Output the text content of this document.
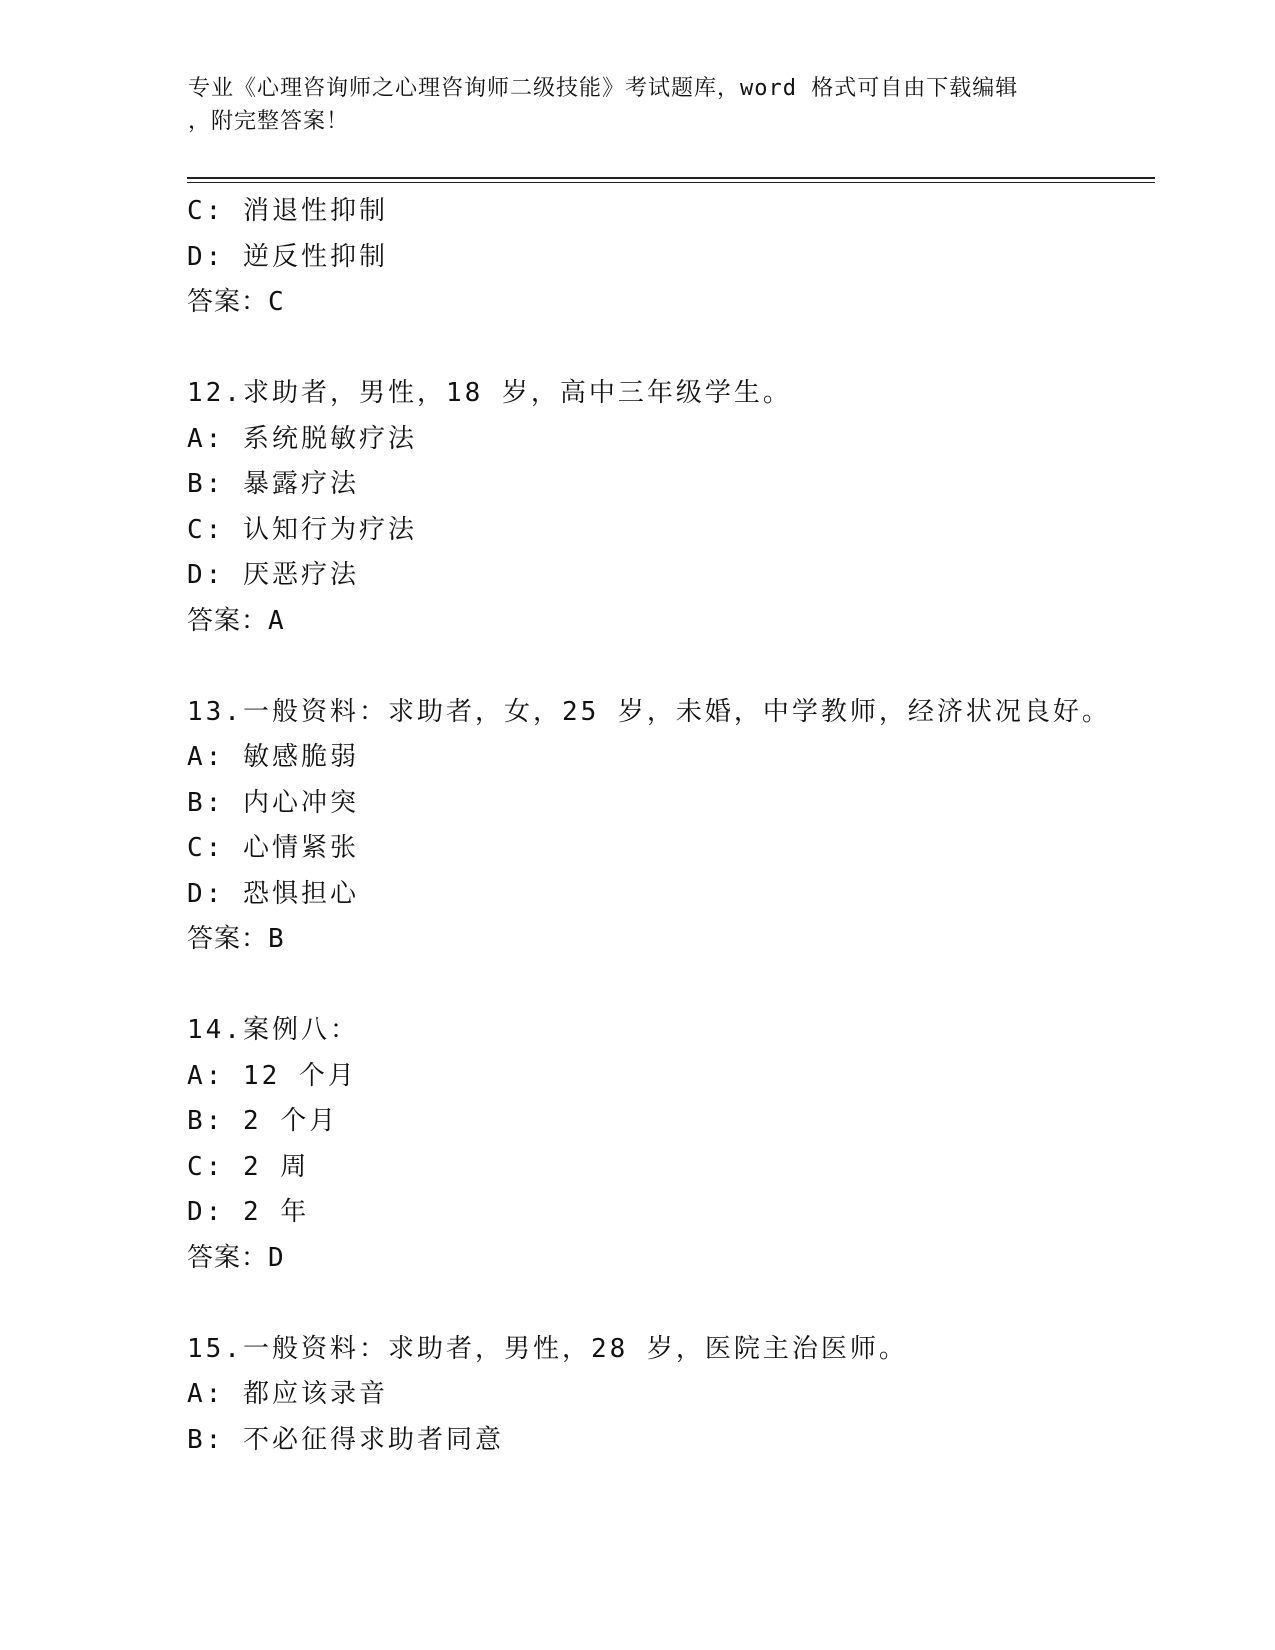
专业《心理咨询师之心理咨询师二级技能》考试题库，word 格式可自由下载编辑
，附完整答案！
C: 消退性抑制
D: 逆反性抑制
答案：C
12.求助者，男性，18 岁，高中三年级学生。
A: 系统脱敏疗法
B: 暴露疗法
C: 认知行为疗法
D: 厌恶疗法
答案：A
13.一般资料：求助者，女，25 岁，未婚，中学教师，经济状况良好。
A: 敏感脆弱
B: 内心冲突
C: 心情紧张
D: 恐惧担心
答案：B
14.案例八：
A: 12 个月
B: 2 个月
C: 2 周
D: 2 年
答案：D
15.一般资料：求助者，男性，28 岁，医院主治医师。
A: 都应该录音
B: 不必征得求助者同意
